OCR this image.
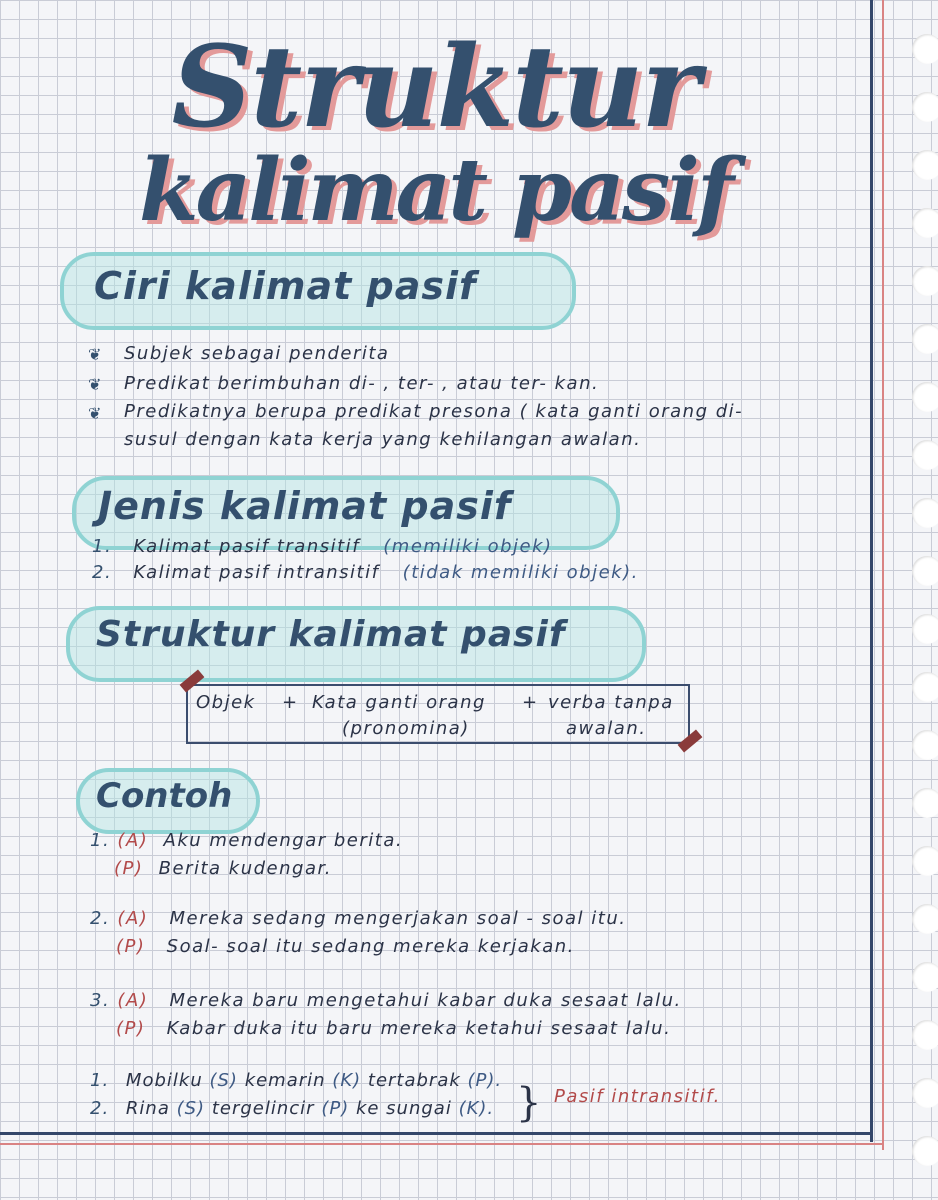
Struktur
kalimat pasif
Ciri kalimat pasif
❦ Subjek sebagai penderita
❦ Predikat berimbuhan di- , ter- , atau ter- kan.
❦ Predikatnya berupa predikat presona ( kata ganti orang di-
susul dengan kata kerja yang kehilangan awalan.
Jenis kalimat pasif
1. Kalimat pasif transitif (memiliki objek)
2. Kalimat pasif intransitif (tidak memiliki objek).
Struktur kalimat pasif
Objek + Kata ganti orang
(pronomina)
+ verba tanpa
awalan.
Contoh
1. (A) Aku mendengar berita.
(P) Berita kudengar.
2. (A) Mereka sedang mengerjakan soal - soal itu.
(P) Soal- soal itu sedang mereka kerjakan.
3. (A) Mereka baru mengetahui kabar duka sesaat lalu.
(P) Kabar duka itu baru mereka ketahui sesaat lalu.
1. Mobilku (S) kemarin (K) tertabrak (P).
2. Rina (S) tergelincir (P) ke sungai (K). } Pasif intransitif.
